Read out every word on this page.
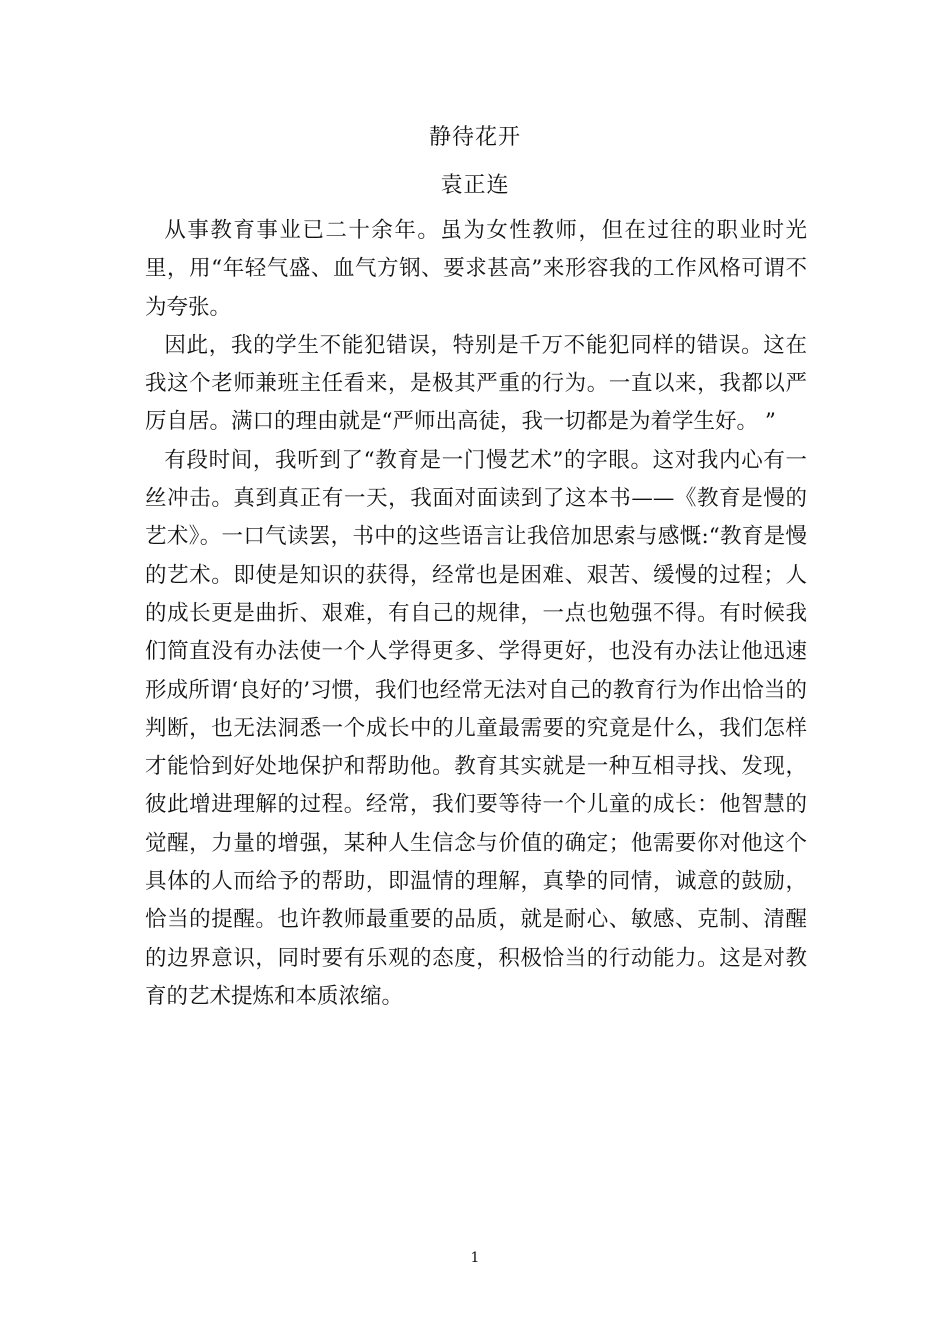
静待花开
袁正连

从事教育事业已二十余年。虽为女性教师，但在过往的职业时光里，用“年轻气盛、血气方钢、要求甚高”来形容我的工作风格可谓不为夸张。

因此，我的学生不能犯错误，特别是千万不能犯同样的错误。这在我这个老师兼班主任看来，是极其严重的行为。一直以来，我都以严厉自居。满口的理由就是“严师出高徒，我一切都是为着学生好。 ”

有段时间，我听到了“教育是一门慢艺术”的字眼。这对我内心有一丝冲击。真到真正有一天，我面对面读到了这本书——《教育是慢的艺术》。一口气读罢，书中的这些语言让我倍加思索与感慨:“教育是慢的艺术。即使是知识的获得，经常也是困难、艰苦、缓慢的过程；人的成长更是曲折、艰难，有自己的规律，一点也勉强不得。有时候我们简直没有办法使一个人学得更多、学得更好，也没有办法让他迅速形成所谓‘良好的’习惯，我们也经常无法对自己的教育行为作出恰当的判断，也无法洞悉一个成长中的儿童最需要的究竟是什么，我们怎样才能恰到好处地保护和帮助他。教育其实就是一种互相寻找、发现，彼此增进理解的过程。经常，我们要等待一个儿童的成长：他智慧的觉醒，力量的增强，某种人生信念与价值的确定；他需要你对他这个具体的人而给予的帮助，即温情的理解，真挚的同情，诚意的鼓励，恰当的提醒。也许教师最重要的品质，就是耐心、敏感、克制、清醒的边界意识，同时要有乐观的态度，积极恰当的行动能力。这是对教育的艺术提炼和本质浓缩。

1
